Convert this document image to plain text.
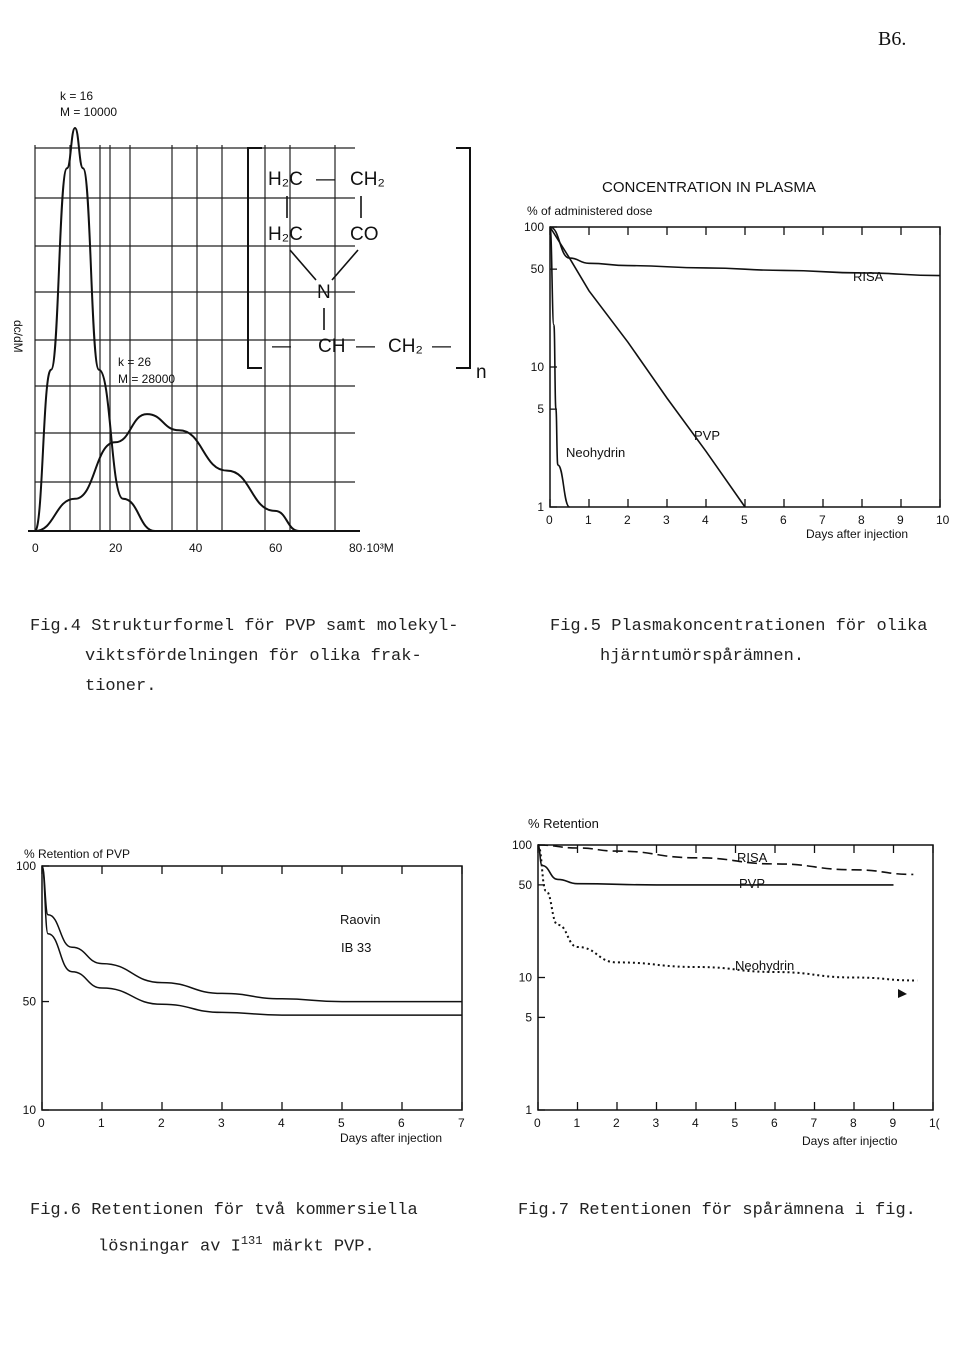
B6.
k = 16
M = 10000
k = 26
M = 28000
dc/dM
0	20	40	60	80·10³M
H₂C — CH₂
H₂C CO
N
— CH — CH₂ —
n
CONCENTRATION IN PLASMA
% of administered dose
0	1	2	3	4	5	6	7	8	9	10
100
50
10
5
1
Days after injection
RISA
PVP
Neohydrin
% Retention of PVP
0	1	2	3	4	5	6	7
100
50
10
Raovin
IB 33
Days after injection
% Retention
0	1	2	3	4	5	6	7	8	9	1(
100
50
10
5
1
RISA
PVP
Neohydrin
Days after injectio
Fig.4 Strukturformel för PVP samt molekyl-
viktsfördelningen för olika frak-
tioner.
Fig.5 Plasmakoncentrationen för olika
hjärntumörspårämnen.
Fig.6 Retentionen för två kommersiella
lösningar av $I^{131}$ märkt PVP.
Fig.7 Retentionen för spårämnena i fig.
